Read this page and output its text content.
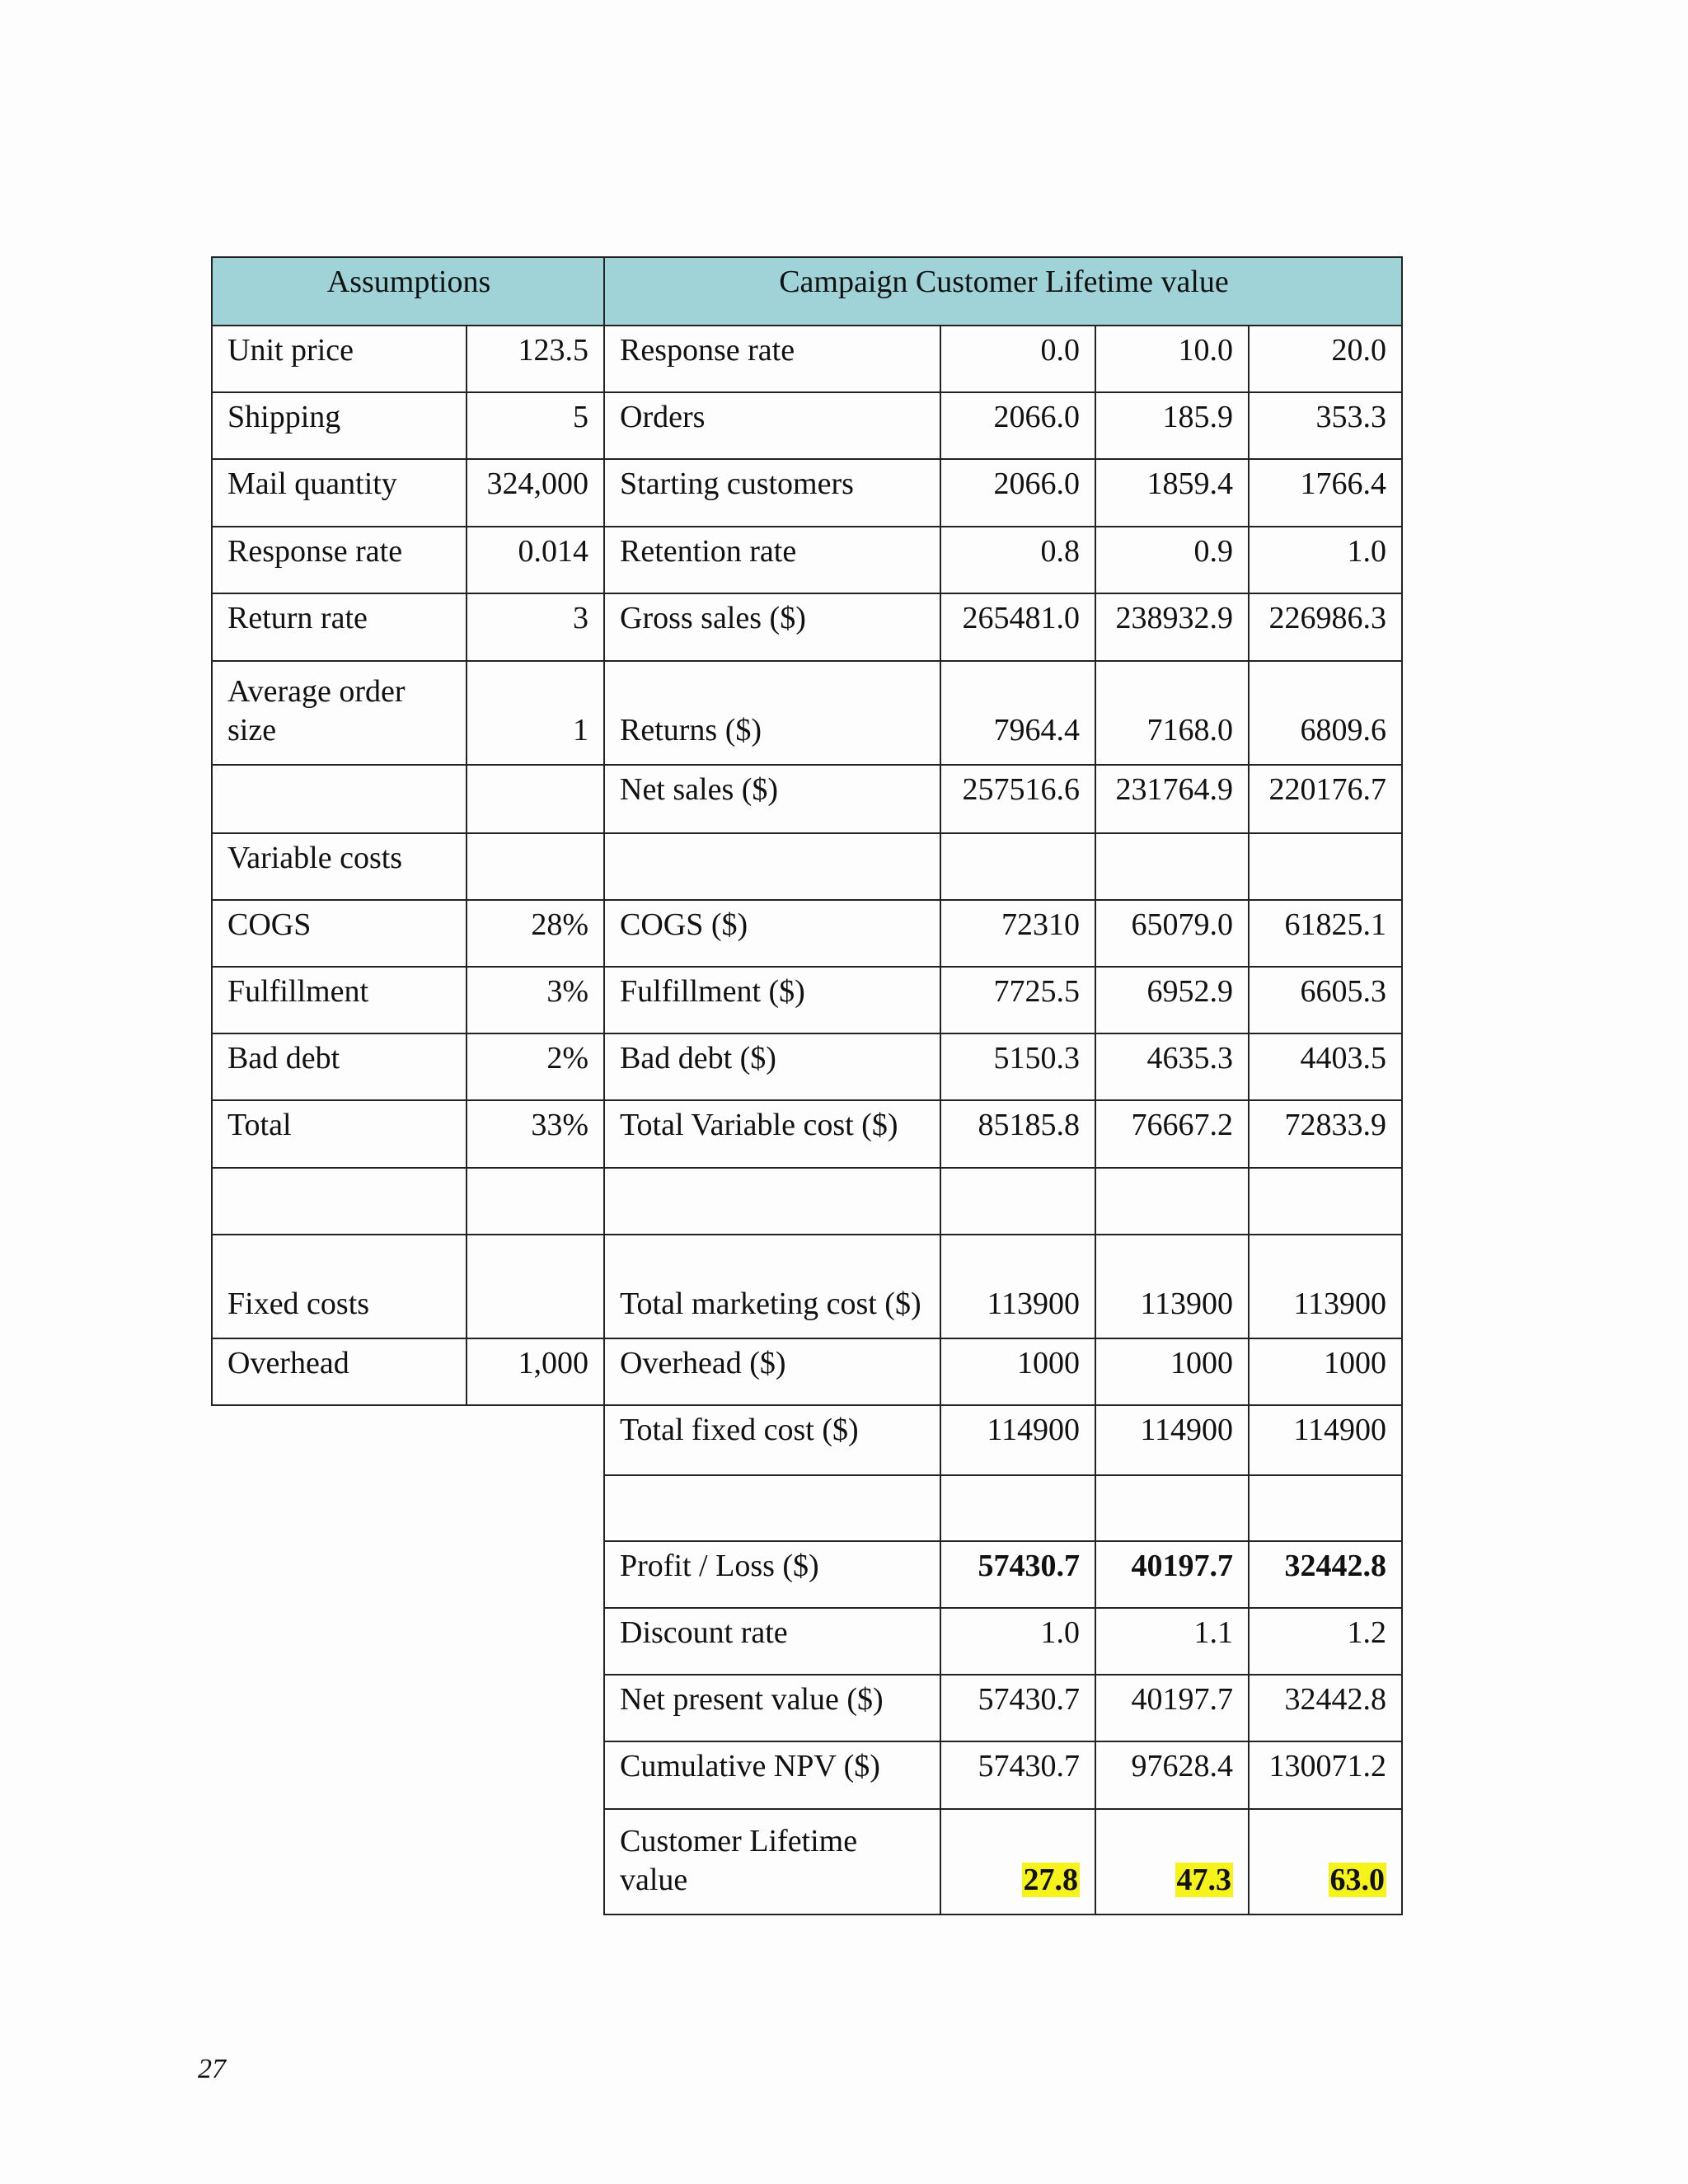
Assumptions		Campaign Customer Lifetime value			
Unit price	123.5	Response rate	0.0	10.0	20.0
Shipping	5	Orders	2066.0	185.9	353.3
Mail quantity	324,000	Starting customers	2066.0	1859.4	1766.4
Response rate	0.014	Retention rate	0.8	0.9	1.0
Return rate	3	Gross sales ($)	265481.0	238932.9	226986.3
Average order size	1	Returns ($)	7964.4	7168.0	6809.6
		Net sales ($)	257516.6	231764.9	220176.7
Variable costs					
COGS	28%	COGS ($)	72310	65079.0	61825.1
Fulfillment	3%	Fulfillment ($)	7725.5	6952.9	6605.3
Bad debt	2%	Bad debt ($)	5150.3	4635.3	4403.5
Total	33%	Total Variable cost ($)	85185.8	76667.2	72833.9

Fixed costs		Total marketing cost ($)	113900	113900	113900
Overhead	1,000	Overhead ($)	1000	1000	1000
		Total fixed cost ($)	114900	114900	114900

		Profit / Loss ($)	57430.7	40197.7	32442.8
		Discount rate	1.0	1.1	1.2
		Net present value ($)	57430.7	40197.7	32442.8
		Cumulative NPV ($)	57430.7	97628.4	130071.2
		Customer Lifetime value	27.8	47.3	63.0
27
